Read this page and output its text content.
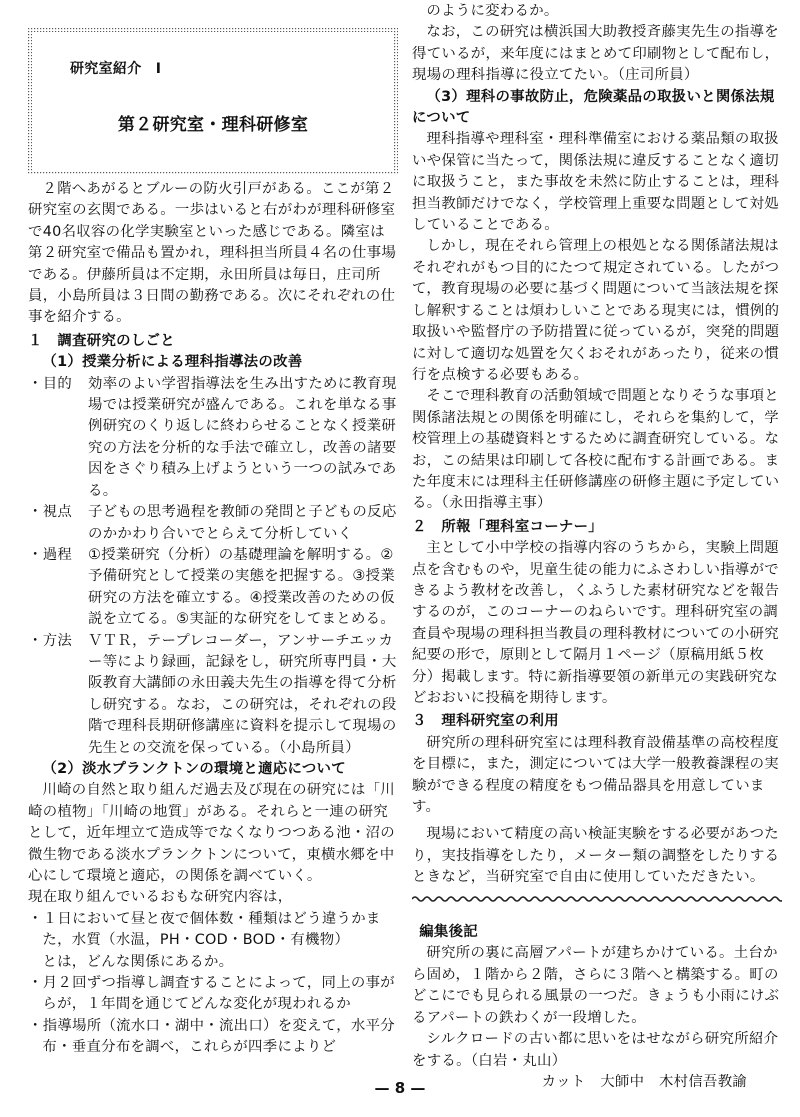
研究室紹介　Ⅰ
第２研究室・理科研修室

２階へあがるとブルーの防火引戸がある。ここが第２研究室の玄関である。一歩はいると右がわが理科研修室で40名収容の化学実験室といった感じである。隣室は第２研究室で備品も置かれ，理科担当所員４名の仕事場である。伊藤所員は不定期，永田所員は毎日，庄司所員，小島所員は３日間の勤務である。次にそれぞれの仕事を紹介する。

１　調査研究のしごと

（1）授業分析による理科指導法の改善

・目的	効率のよい学習指導法を生み出すために教育現場では授業研究が盛んである。これを単なる事例研究のくり返しに終わらせることなく授業研究の方法を分析的な手法で確立し，改善の諸要因をさぐり積み上げようという一つの試みである。
・視点	子どもの思考過程を教師の発問と子どもの反応のかかわり合いでとらえて分析していく
・過程	①授業研究（分析）の基礎理論を解明する。②予備研究として授業の実態を把握する。③授業研究の方法を確立する。④授業改善のための仮説を立てる。⑤実証的な研究をしてまとめる。
・方法	ＶＴＲ，テープレコーダー，アンサーチエッカー等により録画，記録をし，研究所専門員・大阪教育大講師の永田義夫先生の指導を得て分析し研究する。なお，この研究は，それぞれの段階で理科長期研修講座に資料を提示して現場の先生との交流を保っている。（小島所員）

（2）淡水プランクトンの環境と適応について

川崎の自然と取り組んだ過去及び現在の研究には「川崎の植物」「川崎の地質」がある。それらと一連の研究として，近年埋立て造成等でなくなりつつある池・沼の微生物である淡水プランクトンについて，東横水郷を中心にして環境と適応，の関係を調べていく。

現在取り組んでいるおもな研究内容は，

・１日において昼と夜で個体数・種類はどう違うかまた，水質（水温，PH・COD・BOD・有機物）

とは，どんな関係にあるか。

・月２回ずつ指導し調査することによって，同上の事がらが，１年間を通じてどんな変化が現われるか

・指導場所（流水口・湖中・流出口）を変えて，水平分布・垂直分布を調べ，これらが四季によりど

のように変わるか。

なお，この研究は横浜国大助教授斉藤実先生の指導を得ているが，来年度にはまとめて印刷物として配布し，現場の理科指導に役立てたい。（庄司所員）

（3）理科の事故防止，危険薬品の取扱いと関係法規について

理科指導や理科室・理科準備室における薬品類の取扱いや保管に当たって，関係法規に違反することなく適切に取扱うこと，また事故を未然に防止することは，理科担当教師だけでなく，学校管理上重要な問題として対処していることである。

しかし，現在それら管理上の根処となる関係諸法規はそれぞれがもつ目的にたつて規定されている。したがつて，教育現場の必要に基づく問題について当該法規を探し解釈することは煩わしいことである現実には，慣例的取扱いや監督庁の予防措置に従っているが，突発的問題に対して適切な処置を欠くおそれがあったり，従来の慣行を点検する必要もある。

そこで理科教育の活動領域で問題となりそうな事項と関係諸法規との関係を明確にし，それらを集約して，学校管理上の基礎資料とするために調査研究している。なお，この結果は印刷して各校に配布する計画である。また年度末には理科主任研修講座の研修主題に予定している。（永田指導主事）

２　所報「理科室コーナー」

主として小中学校の指導内容のうちから，実験上問題点を含むものや，児童生徒の能力にふさわしい指導ができるよう教材を改善し，くふうした素材研究などを報告するのが，このコーナーのねらいです。理科研究室の調査員や現場の理科担当教員の理科教材についての小研究紀要の形で，原則として隔月１ページ（原稿用紙５枚分）掲載します。特に新指導要領の新単元の実践研究などおおいに投稿を期待します。

３　理科研究室の利用

研究所の理科研究室には理科教育設備基準の高校程度を目標に，また，測定については大学一般教養課程の実験ができる程度の精度をもつ備品器具を用意しています。

現場において精度の高い検証実験をする必要があつたり，実技指導をしたり，メーター類の調整をしたりするときなど，当研究室で自由に使用していただきたい。

編集後記

研究所の裏に高層アパートが建ちかけている。土台から固め，１階から２階，さらに３階へと構築する。町のどこにでも見られる風景の一つだ。きょうも小雨にけぶるアパートの鉄わくが一段増した。

シルクロードの古い都に思いをはせながら研究所紹介をする。（白岩・丸山）

カット　大師中　木村信吾教諭

— 8 —
